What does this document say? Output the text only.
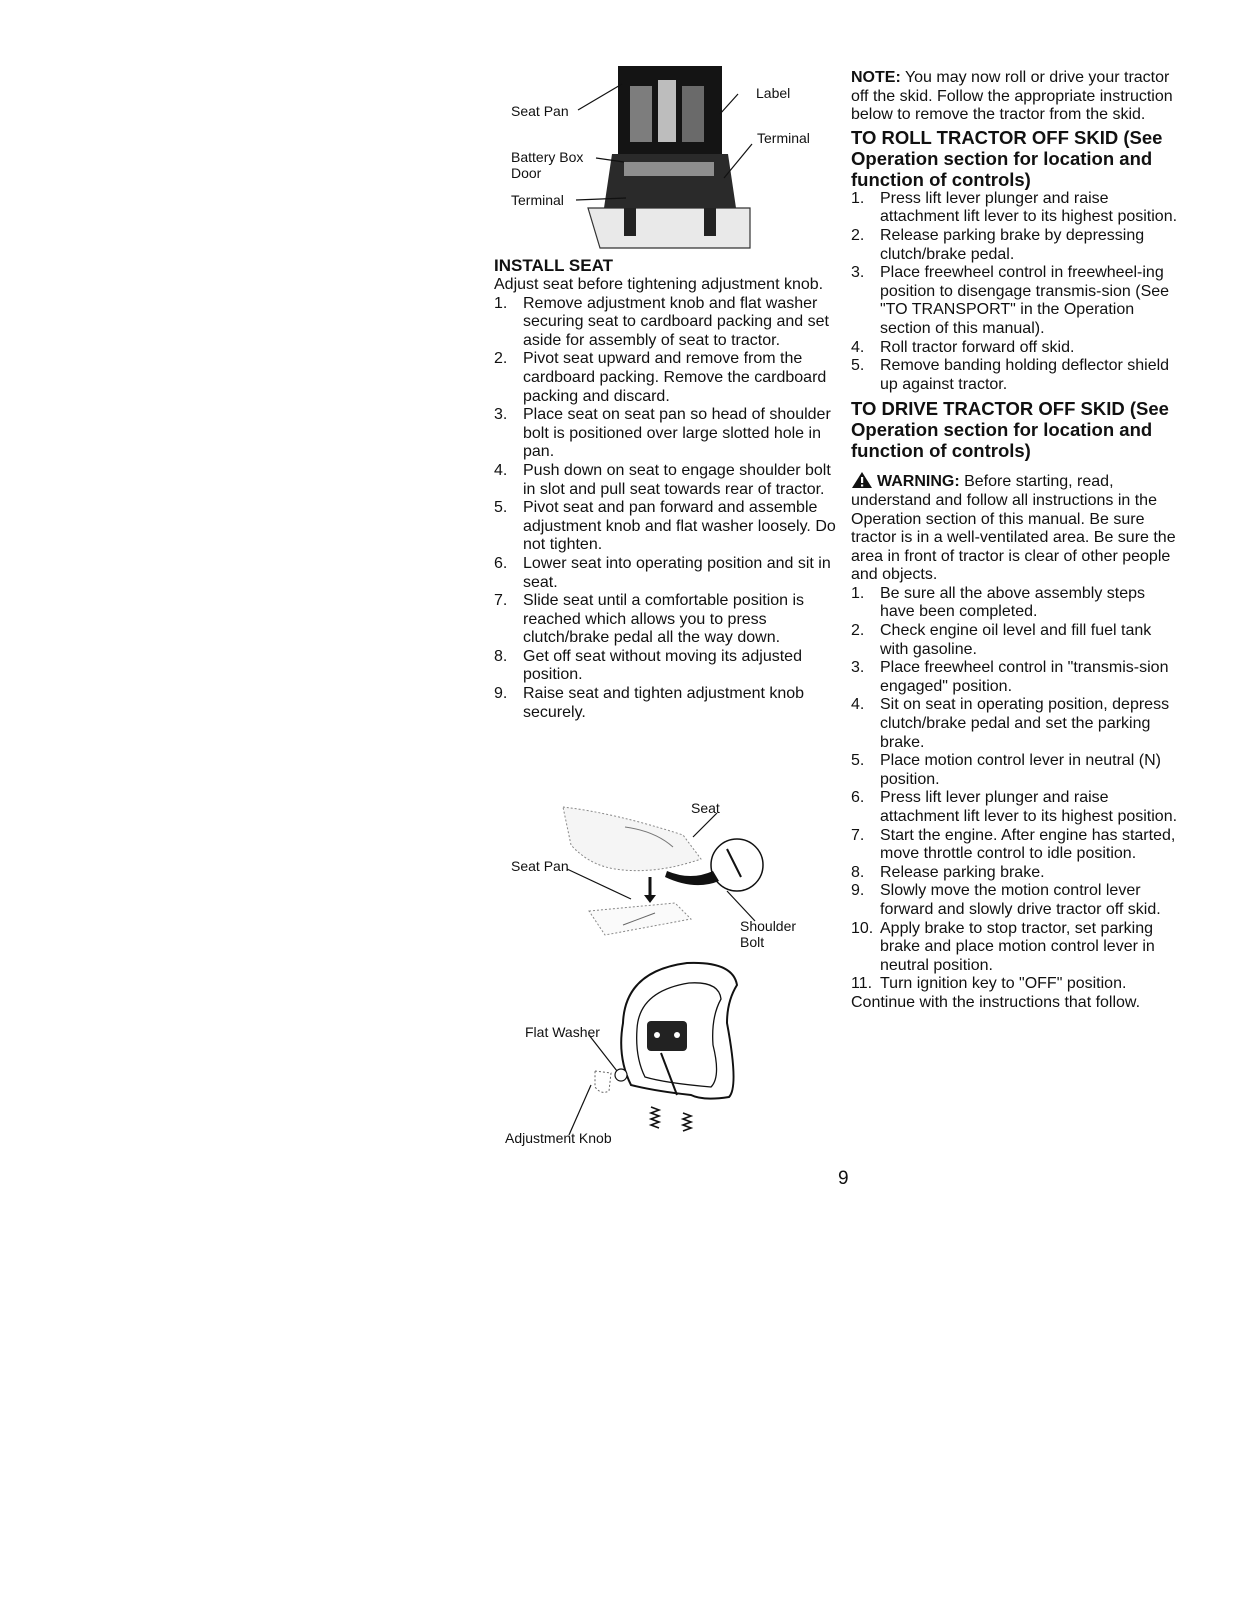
Seat Pan
Label
Terminal
Battery Box
Door
Terminal
INSTALL SEAT

Adjust seat before tightening adjustment knob.

1. Remove adjustment knob and flat washer securing seat to cardboard packing and set aside for assembly of seat to tractor.
2. Pivot seat upward and remove from the cardboard packing. Remove the cardboard packing and discard.
3. Place seat on seat pan so head of shoulder bolt is positioned over large slotted hole in pan.
4. Push down on seat to engage shoulder bolt in slot and pull seat towards rear of tractor.
5. Pivot seat and pan forward and assemble adjustment knob and flat washer loosely. Do not tighten.
6. Lower seat into operating position and sit in seat.
7. Slide seat until a comfortable position is reached which allows you to press clutch/brake pedal all the way down.
8. Get off seat without moving its adjusted position.
9. Raise seat and tighten adjustment knob securely.
Seat
Seat Pan
Shoulder
Bolt
Flat Washer
Adjustment Knob

NOTE: You may now roll or drive your tractor off the skid. Follow the appropriate instruction below to remove the tractor from the skid.

TO ROLL TRACTOR OFF SKID (See Operation section for location and function of controls)
1. Press lift lever plunger and raise attachment lift lever to its highest position.
2. Release parking brake by depressing clutch/brake pedal.
3. Place freewheel control in freewheel-ing position to disengage transmis-sion (See "TO TRANSPORT" in the Operation section of this manual).
4. Roll tractor forward off skid.
5. Remove banding holding deflector shield up against tractor.
TO DRIVE TRACTOR OFF SKID (See Operation section for location and function of controls)

WARNING: Before starting, read, understand and follow all instructions in the Operation section of this manual. Be sure tractor is in a well-ventilated area. Be sure the area in front of tractor is clear of other people and objects.

1. Be sure all the above assembly steps have been completed.
2. Check engine oil level and fill fuel tank with gasoline.
3. Place freewheel control in "transmis-sion engaged" position.
4. Sit on seat in operating position, depress clutch/brake pedal and set the parking brake.
5. Place motion control lever in neutral (N) position.
6. Press lift lever plunger and raise attachment lift lever to its highest position.
7. Start the engine. After engine has started, move throttle control to idle position.
8. Release parking brake.
9. Slowly move the motion control lever forward and slowly drive tractor off skid.
10. Apply brake to stop tractor, set parking brake and place motion control lever in neutral position.
11. Turn ignition key to "OFF" position.

Continue with the instructions that follow.

9
